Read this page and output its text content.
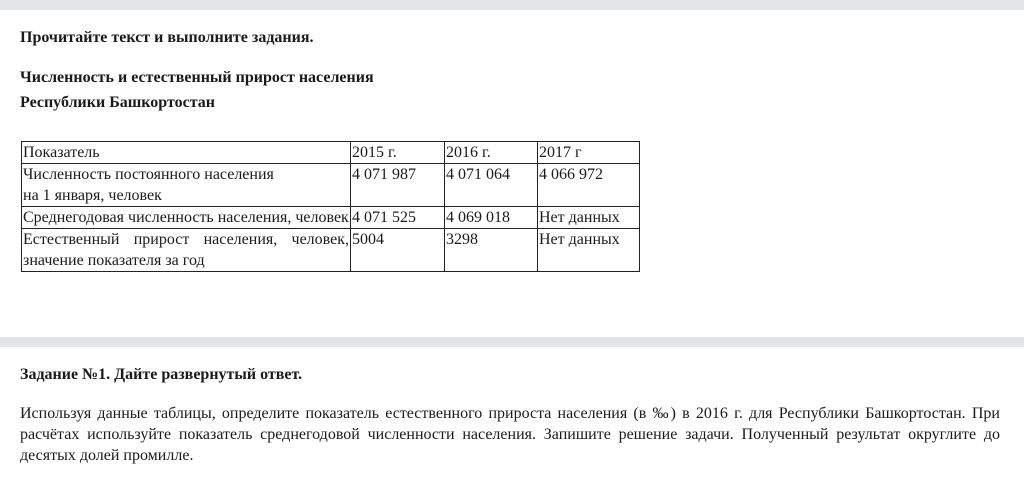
Прочитайте текст и выполните задания.

Численность и естественный прирост населения
Республики Башкортостан
Показатель	2015 г.	2016 г.	2017 г

Численность постоянного населения
на 1 января, человек	4 071 987	4 071 064	4 066 972
Среднегодовая численность населения, человек	4 071 525	4 069 018	Нет данных
Естественный прирост населения, человек, значение показателя за год	5004	3298	Нет данных

Задание №1. Дайте развернутый ответ.

Используя данные таблицы, определите показатель естественного прироста населения (в ‰) в 2016 г. для Республики Башкортостан. При расчётах используйте показатель среднегодовой численности населения. Запишите решение задачи. Полученный результат округлите до десятых долей промилле.
